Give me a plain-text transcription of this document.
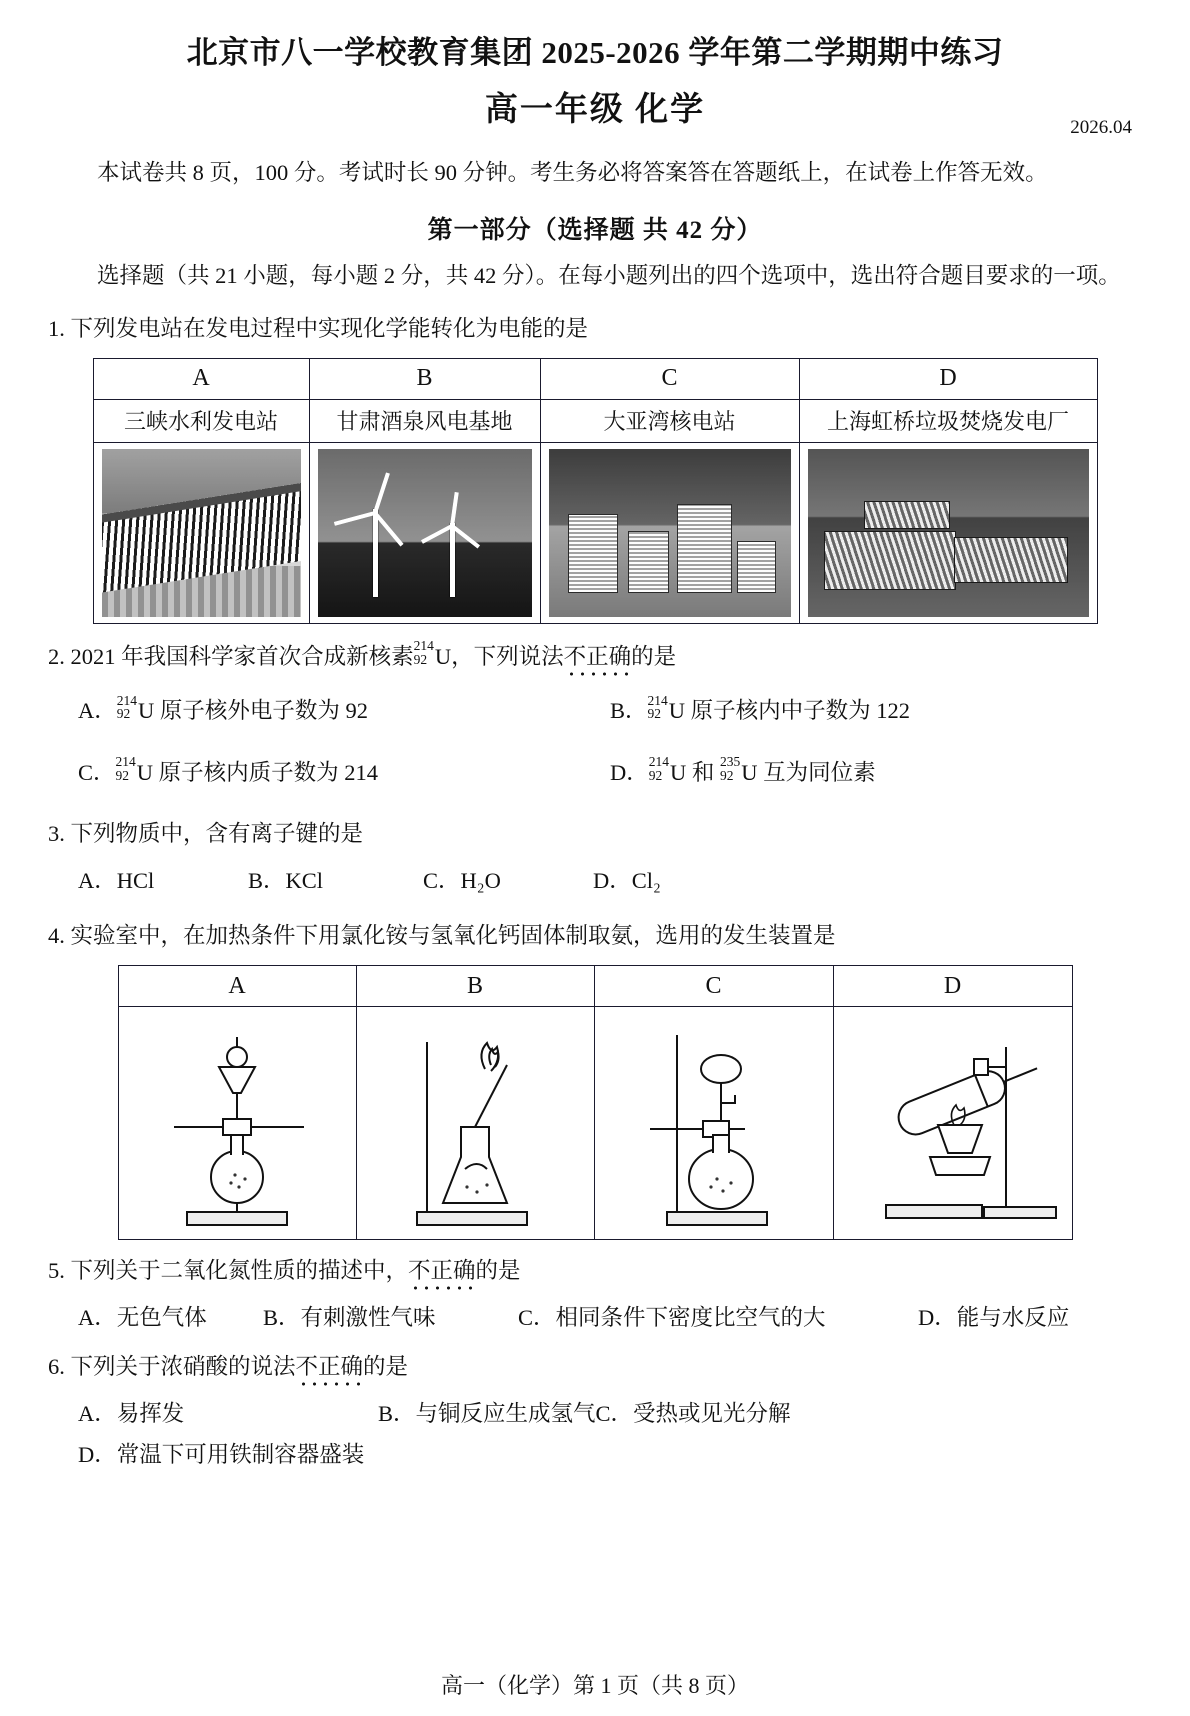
北京市八一学校教育集团 2025-2026 学年第二学期期中练习
高一年级 化学	2026.04
本试卷共 8 页，100 分。考试时长 90 分钟。考生务必将答案答在答题纸上，在试卷上作答无效。
第一部分（选择题 共 42 分）
选择题（共 21 小题，每小题 2 分，共 42 分）。在每小题列出的四个选项中，选出符合题目要求的一项。
1. 下列发电站在发电过程中实现化学能转化为电能的是
A	B	C	D
三峡水利发电站	甘肃酒泉风电基地	大亚湾核电站	上海虹桥垃圾焚烧发电厂

2. 2021 年我国科学家首次合成新核素 214
92 U，下列说法不正确的是
A． 214
92 U 原子核外电子数为 92	B． 214
92 U 原子核内中子数为 122
C． 214
92 U 原子核内质子数为 214	D． 214
92 U 和 235
92 U 互为同位素
3. 下列物质中，含有离子键的是
A．HCl	B．KCl	C．H₂O	D．Cl₂
4. 实验室中，在加热条件下用氯化铵与氢氧化钙固体制取氨，选用的发生装置是
A	B	C	D

5. 下列关于二氧化氮性质的描述中，不正确的是
A．无色气体	B．有刺激性气味	C．相同条件下密度比空气的大	D．能与水反应
6. 下列关于浓硝酸的说法不正确的是
A．易挥发	B．与铜反应生成氢气 C．受热或见光分解
D．常温下可用铁制容器盛装
高一（化学）第 1 页（共 8 页）
